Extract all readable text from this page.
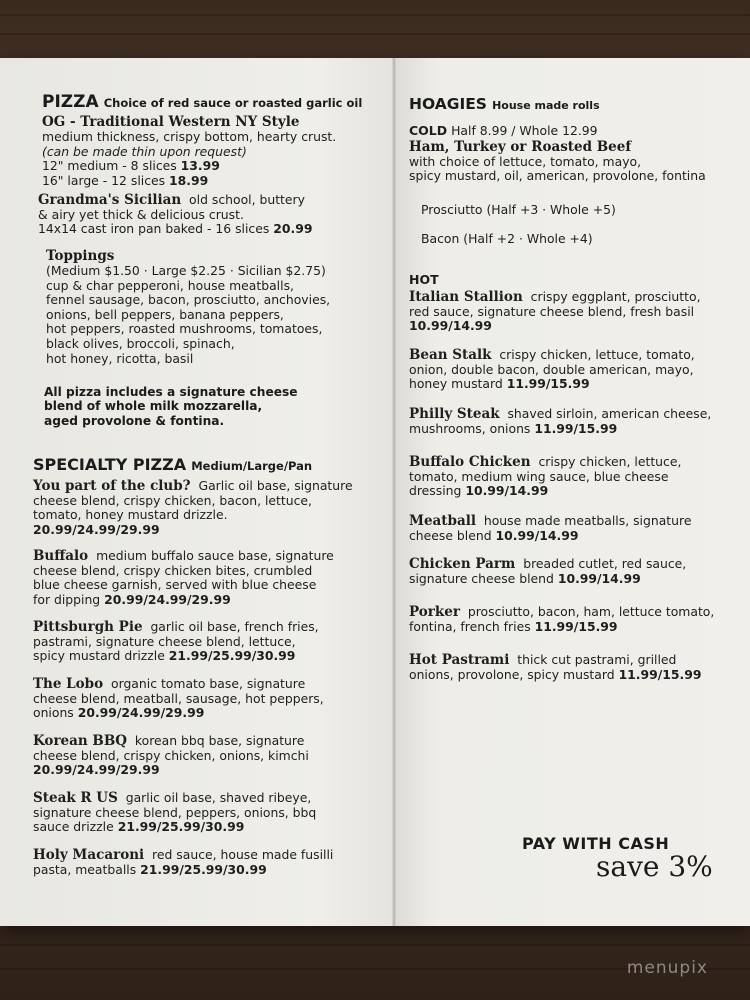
PIZZA Choice of red sauce or roasted garlic oil
OG - Traditional Western NY Style
medium thickness, crispy bottom, hearty crust.
(can be made thin upon request)
12" medium - 8 slices 13.99
16" large - 12 slices 18.99
Grandma's Sicilian old school, buttery
& airy yet thick & delicious crust.
14x14 cast iron pan baked - 16 slices 20.99
Toppings
(Medium $1.50 · Large $2.25 · Sicilian $2.75)
cup & char pepperoni, house meatballs,
fennel sausage, bacon, prosciutto, anchovies,
onions, bell peppers, banana peppers,
hot peppers, roasted mushrooms, tomatoes,
black olives, broccoli, spinach,
hot honey, ricotta, basil
All pizza includes a signature cheese
blend of whole milk mozzarella,
aged provolone & fontina.
SPECIALTY PIZZA Medium/Large/Pan
You part of the club? Garlic oil base, signature
cheese blend, crispy chicken, bacon, lettuce,
tomato, honey mustard drizzle.
20.99/24.99/29.99
Buffalo medium buffalo sauce base, signature
cheese blend, crispy chicken bites, crumbled
blue cheese garnish, served with blue cheese
for dipping 20.99/24.99/29.99
Pittsburgh Pie garlic oil base, french fries,
pastrami, signature cheese blend, lettuce,
spicy mustard drizzle 21.99/25.99/30.99
The Lobo organic tomato base, signature
cheese blend, meatball, sausage, hot peppers,
onions 20.99/24.99/29.99
Korean BBQ korean bbq base, signature
cheese blend, crispy chicken, onions, kimchi
20.99/24.99/29.99
Steak R US garlic oil base, shaved ribeye,
signature cheese blend, peppers, onions, bbq
sauce drizzle 21.99/25.99/30.99
Holy Macaroni red sauce, house made fusilli
pasta, meatballs 21.99/25.99/30.99
HOAGIES House made rolls
COLD Half 8.99 / Whole 12.99
Ham, Turkey or Roasted Beef
with choice of lettuce, tomato, mayo,
spicy mustard, oil, american, provolone, fontina
Prosciutto (Half +3 · Whole +5)
Bacon (Half +2 · Whole +4)
HOT
Italian Stallion crispy eggplant, prosciutto,
red sauce, signature cheese blend, fresh basil
10.99/14.99
Bean Stalk crispy chicken, lettuce, tomato,
onion, double bacon, double american, mayo,
honey mustard 11.99/15.99
Philly Steak shaved sirloin, american cheese,
mushrooms, onions 11.99/15.99
Buffalo Chicken crispy chicken, lettuce,
tomato, medium wing sauce, blue cheese
dressing 10.99/14.99
Meatball house made meatballs, signature
cheese blend 10.99/14.99
Chicken Parm breaded cutlet, red sauce,
signature cheese blend 10.99/14.99
Porker prosciutto, bacon, ham, lettuce tomato,
fontina, french fries 11.99/15.99
Hot Pastrami thick cut pastrami, grilled
onions, provolone, spicy mustard 11.99/15.99
PAY WITH CASH
save 3%
menupix
